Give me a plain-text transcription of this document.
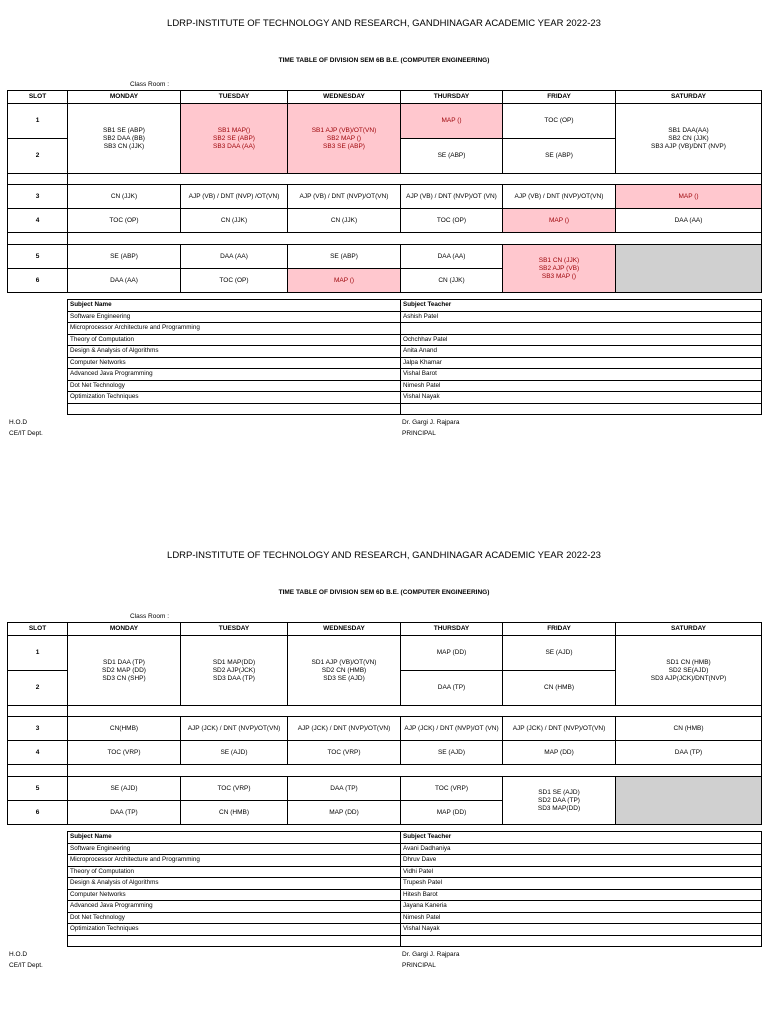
LDRP-INSTITUTE OF TECHNOLOGY AND RESEARCH, GANDHINAGAR ACADEMIC YEAR 2022-23
TIME TABLE OF DIVISION SEM 6B B.E. (COMPUTER ENGINEERING)
Class Room :
SLOT	MONDAY	TUESDAY	WEDNESDAY	THURSDAY	FRIDAY	SATURDAY
1	SB1 SE (ABP)
SB2 DAA (BB)
SB3 CN (JJK)	SB1 MAP()
SB2 SE (ABP)
SB3 DAA (AA)	SB1 AJP (VB)/OT(VN)
SB2 MAP ()
SB3 SE (ABP)	MAP ()	TOC (OP)	SB1 DAA(AA)
SB2 CN (JJK)
SB3 AJP (VB)/DNT (NVP)
2				SE (ABP)	SE (ABP)	

3	CN (JJK)	AJP (VB) / DNT (NVP) /OT(VN)	AJP (VB) / DNT (NVP)/OT(VN)	AJP (VB) / DNT (NVP)/OT (VN)	AJP (VB) / DNT (NVP)/OT(VN)	MAP ()
4	TOC (OP)	CN (JJK)	CN (JJK)	TOC (OP)	MAP ()	DAA (AA)

5	SE (ABP)	DAA (AA)	SE (ABP)	DAA (AA)	SB1 CN (JJK)
SB2 AJP (VB)
SB3 MAP ()	
6	DAA (AA)	TOC (OP)	MAP ()	CN (JJK)		
Subject Name	Subject Teacher
Software Engineering	Ashish Patel
Microprocessor Architecture and Programming	
Theory of Computation	Ochchhav Patel
Design & Analysis of Algorithms	Anita Anand
Computer Networks	Jalpa Khamar
Advanced Java Programming	Vishal Barot
Dot Net Technology	Nimesh Patel
Optimization Techniques	Vishal Nayak

H.O.D
CE/IT Dept.
Dr. Gargi J. Rajpara
PRINCIPAL
LDRP-INSTITUTE OF TECHNOLOGY AND RESEARCH, GANDHINAGAR ACADEMIC YEAR 2022-23
TIME TABLE OF DIVISION SEM 6D B.E. (COMPUTER ENGINEERING)
Class Room :
SLOT	MONDAY	TUESDAY	WEDNESDAY	THURSDAY	FRIDAY	SATURDAY
1	SD1 DAA (TP)
SD2 MAP (DD)
SD3 CN (SHP)	SD1 MAP(DD)
SD2 AJP(JCK)
SD3 DAA (TP)	SD1 AJP (VB)/OT(VN)
SD2 CN (HMB)
SD3 SE (AJD)	MAP (DD)	SE (AJD)	SD1 CN (HMB)
SD2 SE(AJD)
SD3 AJP(JCK)/DNT(NVP)
2				DAA (TP)	CN (HMB)	

3	CN(HMB)	AJP (JCK) / DNT (NVP)/OT(VN)	AJP (JCK) / DNT (NVP)/OT(VN)	AJP (JCK) / DNT (NVP)/OT (VN)	AJP (JCK) / DNT (NVP)/OT(VN)	CN (HMB)
4	TOC (VRP)	SE (AJD)	TOC (VRP)	SE (AJD)	MAP (DD)	DAA (TP)

5	SE (AJD)	TOC (VRP)	DAA (TP)	TOC (VRP)	SD1 SE (AJD)
SD2 DAA (TP)
SD3 MAP(DD)	
6	DAA (TP)	CN (HMB)	MAP (DD)	MAP (DD)		
Subject Name	Subject Teacher
Software Engineering	Avani Dadhaniya
Microprocessor Architecture and Programming	Dhruv Dave
Theory of Computation	Vidhi Patel
Design & Analysis of Algorithms	Trupesh Patel
Computer Networks	Hitesh Barot
Advanced Java Programming	Jayana Kaneria
Dot Net Technology	Nimesh Patel
Optimization Techniques	Vishal Nayak

H.O.D
CE/IT Dept.
Dr. Gargi J. Rajpara
PRINCIPAL
